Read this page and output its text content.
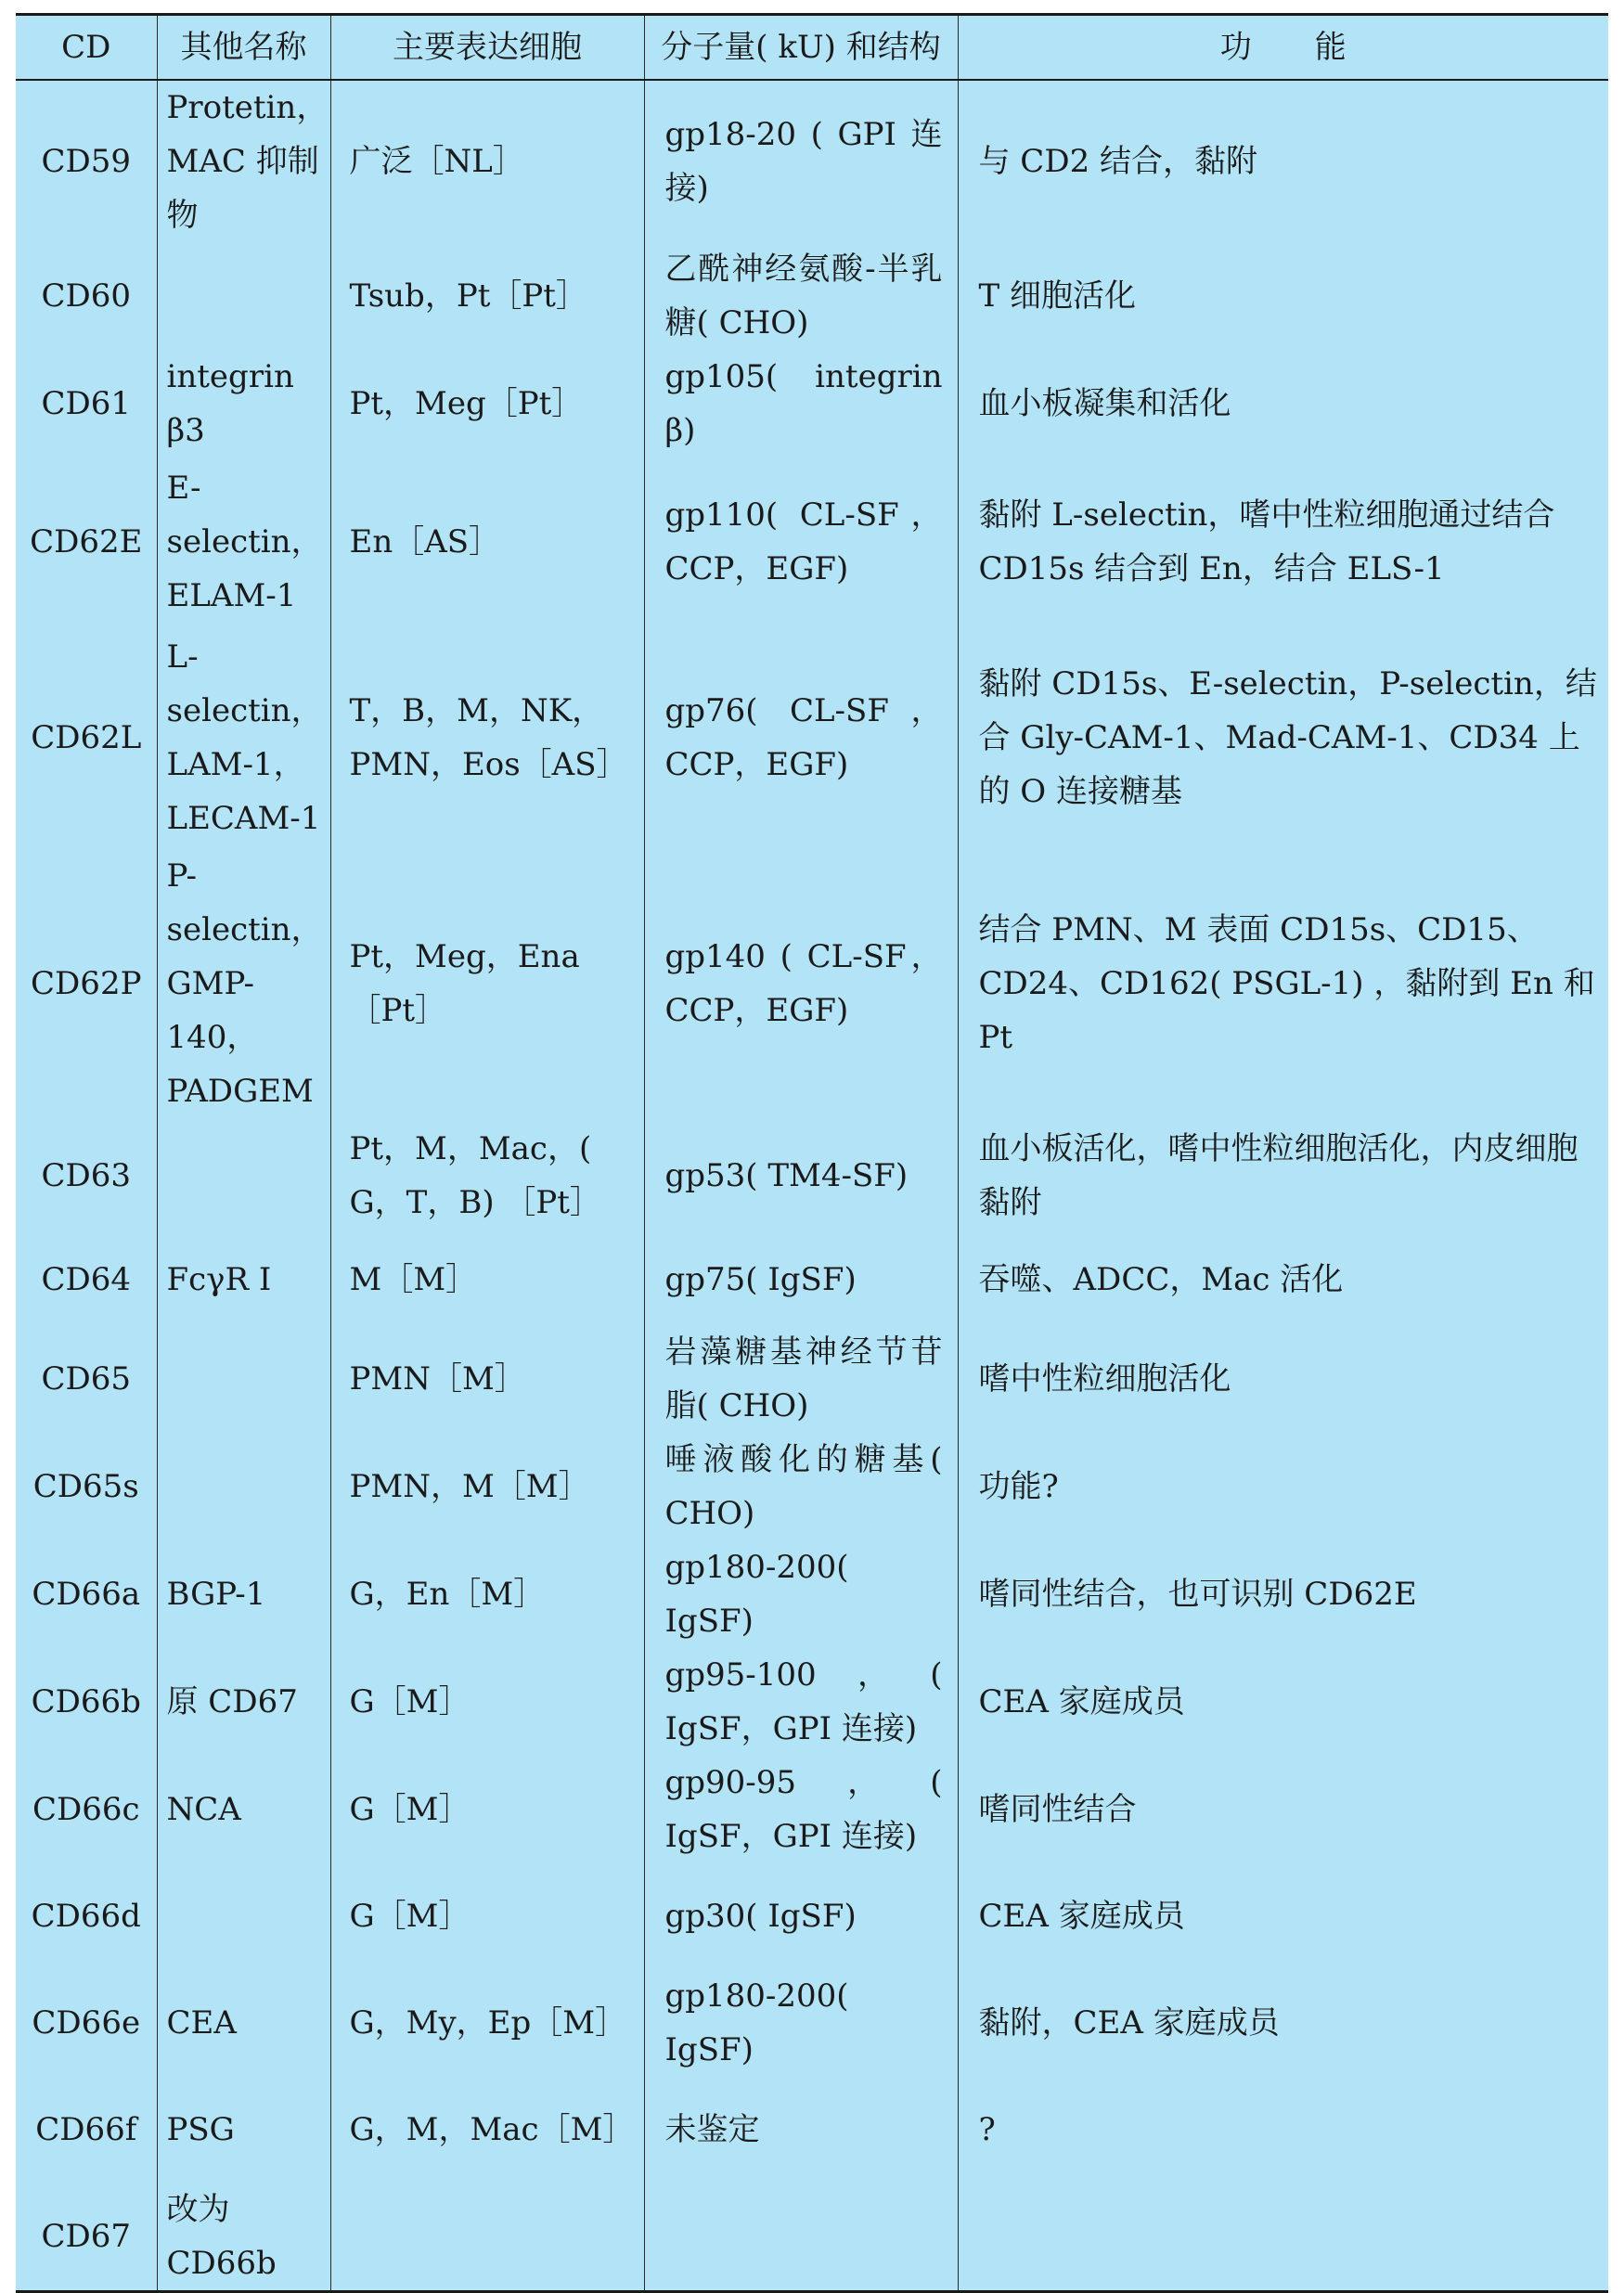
CD	其他名称	主要表达细胞	分子量( kU) 和结构	功　　能
CD59	Protetin，MAC 抑制物	广泛［NL］	gp18-20 ( GPI 连接)	与 CD2 结合，黏附
CD60		Tsub，Pt［Pt］	乙酰神经氨酸-半乳糖( CHO)	T 细胞活化
CD61	integrin β3	Pt，Meg［Pt］	gp105( integrin β)	血小板凝集和活化
CD62E	E-selectin，ELAM-1	En［AS］	gp110( CL-SF，CCP，EGF)	黏附 L-selectin，嗜中性粒细胞通过结合 CD15s 结合到 En，结合 ELS-1
CD62L	L-selectin，LAM-1，LECAM-1	T，B，M，NK，PMN，Eos［AS］	gp76( CL-SF，CCP，EGF)	黏附 CD15s、E-selectin，P-selectin，结合 Gly-CAM-1、Mad-CAM-1、CD34 上的 O 连接糖基
CD62P	P-selectin，GMP-140，PADGEM	Pt，Meg，Ena［Pt］	gp140 ( CL-SF，CCP，EGF)	结合 PMN、M 表面 CD15s、CD15、CD24、CD162( PSGL-1) ，黏附到 En 和 Pt
CD63		Pt，M，Mac，( G，T，B) ［Pt］	gp53( TM4-SF)	血小板活化，嗜中性粒细胞活化，内皮细胞黏附
CD64	FcγR Ⅰ	M［M］	gp75( IgSF)	吞噬、ADCC，Mac 活化
CD65		PMN［M］	岩藻糖基神经节苷脂( CHO)	嗜中性粒细胞活化
CD65s		PMN，M［M］	唾液酸化的糖基( CHO)	功能?
CD66a	BGP-1	G，En［M］	gp180-200( IgSF)	嗜同性结合，也可识别 CD62E
CD66b	原 CD67	G［M］	gp95-100，( IgSF，GPI 连接)	CEA 家庭成员
CD66c	NCA	G［M］	gp90-95，( IgSF，GPI 连接)	嗜同性结合
CD66d		G［M］	gp30( IgSF)	CEA 家庭成员
CD66e	CEA	G，My，Ep［M］	gp180-200( IgSF)	黏附，CEA 家庭成员
CD66f	PSG	G，M，Mac［M］	未鉴定	?
CD67	改为 CD66b			
